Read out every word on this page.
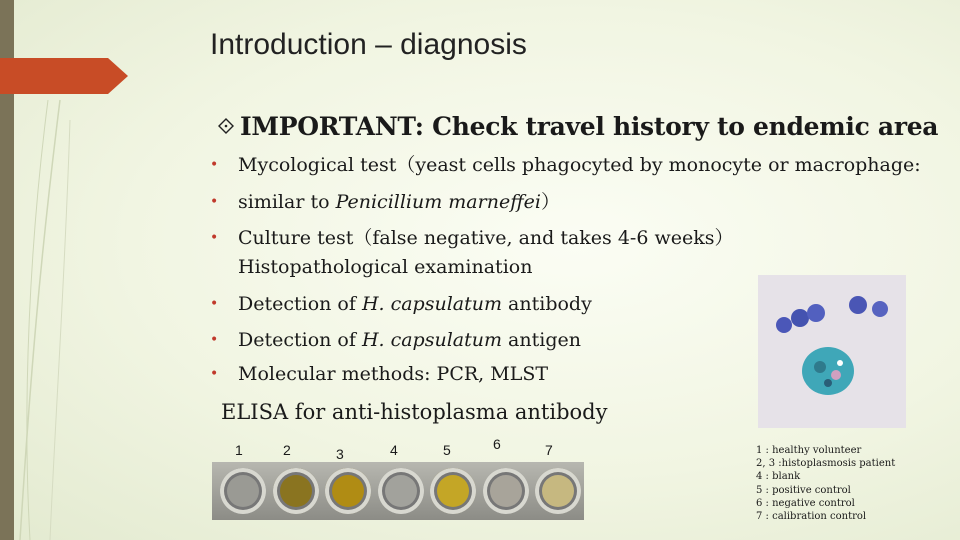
Introduction – diagnosis
IMPORTANT: Check travel history to endemic area
• Mycological test（yeast cells phagocyted by monocyte or macrophage:
• similar to Penicillium marneffei）
• Culture test（false negative, and takes 4-6 weeks）Histopathological examination
• Detection of H. capsulatum antibody
• Detection of H. capsulatum antigen
• Molecular methods: PCR, MLST
ELISA for anti-histoplasma antibody
1	2	3	4	5	6	7	1 : healthy volunteer
2, 3 :histoplasmosis patient
4 : blank
5 : positive control
6 : negative control
7 : calibration control
